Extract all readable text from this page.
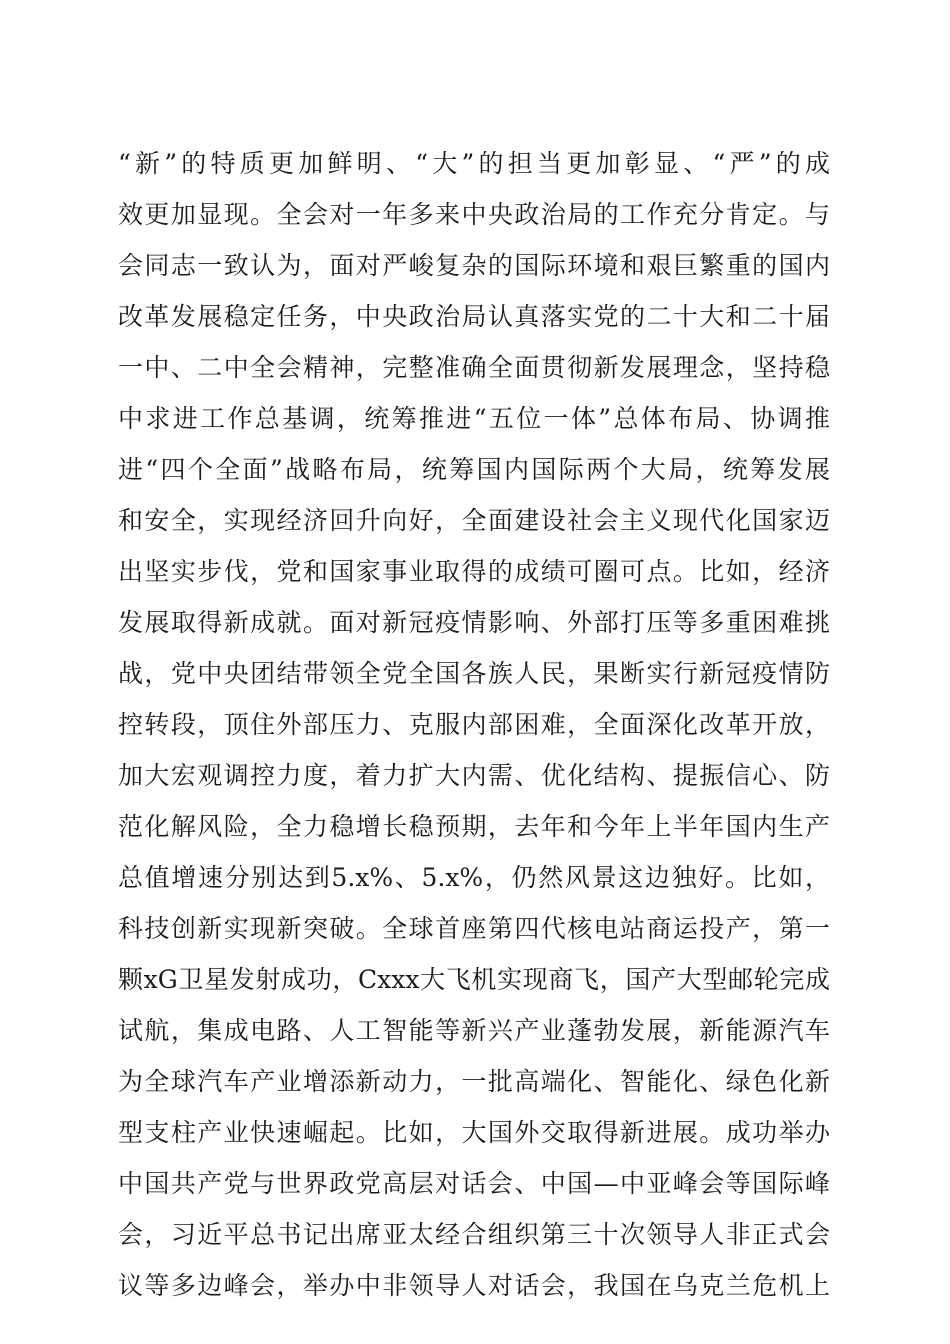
“新”的特质更加鲜明、“大”的担当更加彰显、“严”的成
效更加显现。全会对一年多来中央政治局的工作充分肯定。与
会同志一致认为，面对严峻复杂的国际环境和艰巨繁重的国内
改革发展稳定任务，中央政治局认真落实党的二十大和二十届
一中、二中全会精神，完整准确全面贯彻新发展理念，坚持稳
中求进工作总基调，统筹推进“五位一体”总体布局、协调推
进“四个全面”战略布局，统筹国内国际两个大局，统筹发展
和安全，实现经济回升向好，全面建设社会主义现代化国家迈
出坚实步伐，党和国家事业取得的成绩可圈可点。比如，经济
发展取得新成就。面对新冠疫情影响、外部打压等多重困难挑
战，党中央团结带领全党全国各族人民，果断实行新冠疫情防
控转段，顶住外部压力、克服内部困难，全面深化改革开放，
加大宏观调控力度，着力扩大内需、优化结构、提振信心、防
范化解风险，全力稳增长稳预期，去年和今年上半年国内生产
总值增速分别达到5.x%、5.x%，仍然风景这边独好。比如，
科技创新实现新突破。全球首座第四代核电站商运投产，第一
颗xG卫星发射成功，Cxxx大飞机实现商飞，国产大型邮轮完成
试航，集成电路、人工智能等新兴产业蓬勃发展，新能源汽车
为全球汽车产业增添新动力，一批高端化、智能化、绿色化新
型支柱产业快速崛起。比如，大国外交取得新进展。成功举办
中国共产党与世界政党高层对话会、中国—中亚峰会等国际峰
会，习近平总书记出席亚太经合组织第三十次领导人非正式会
议等多边峰会，举办中非领导人对话会，我国在乌克兰危机上
